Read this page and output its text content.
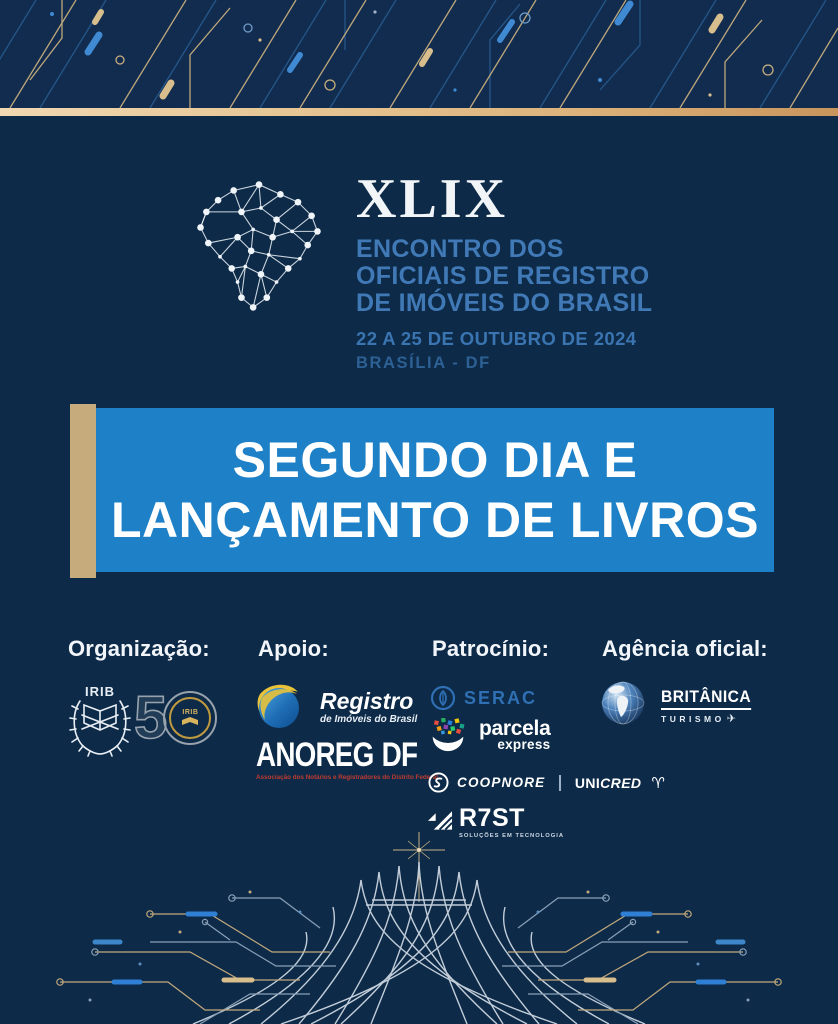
XLIX
ENCONTRO DOS
OFICIAIS DE REGISTRO
DE IMÓVEIS DO BRASIL
22 A 25 DE OUTUBRO DE 2024
BRASÍLIA - DF
SEGUNDO DIA E
LANÇAMENTO DE LIVROS
Organização: Apoio:	Patrocínio: Agência oficial:
IRIB 5 IRIB	Registro
de Imóveis do Brasil
ANOREG DF
Associação dos Notários e Registradores do Distrito Federal
SERAC
parcela
express
COOPNORE UNICRED ♈
R7ST
SOLUÇÕES EM TECNOLOGIA
BRITÂNICA
TURISMO ✈
